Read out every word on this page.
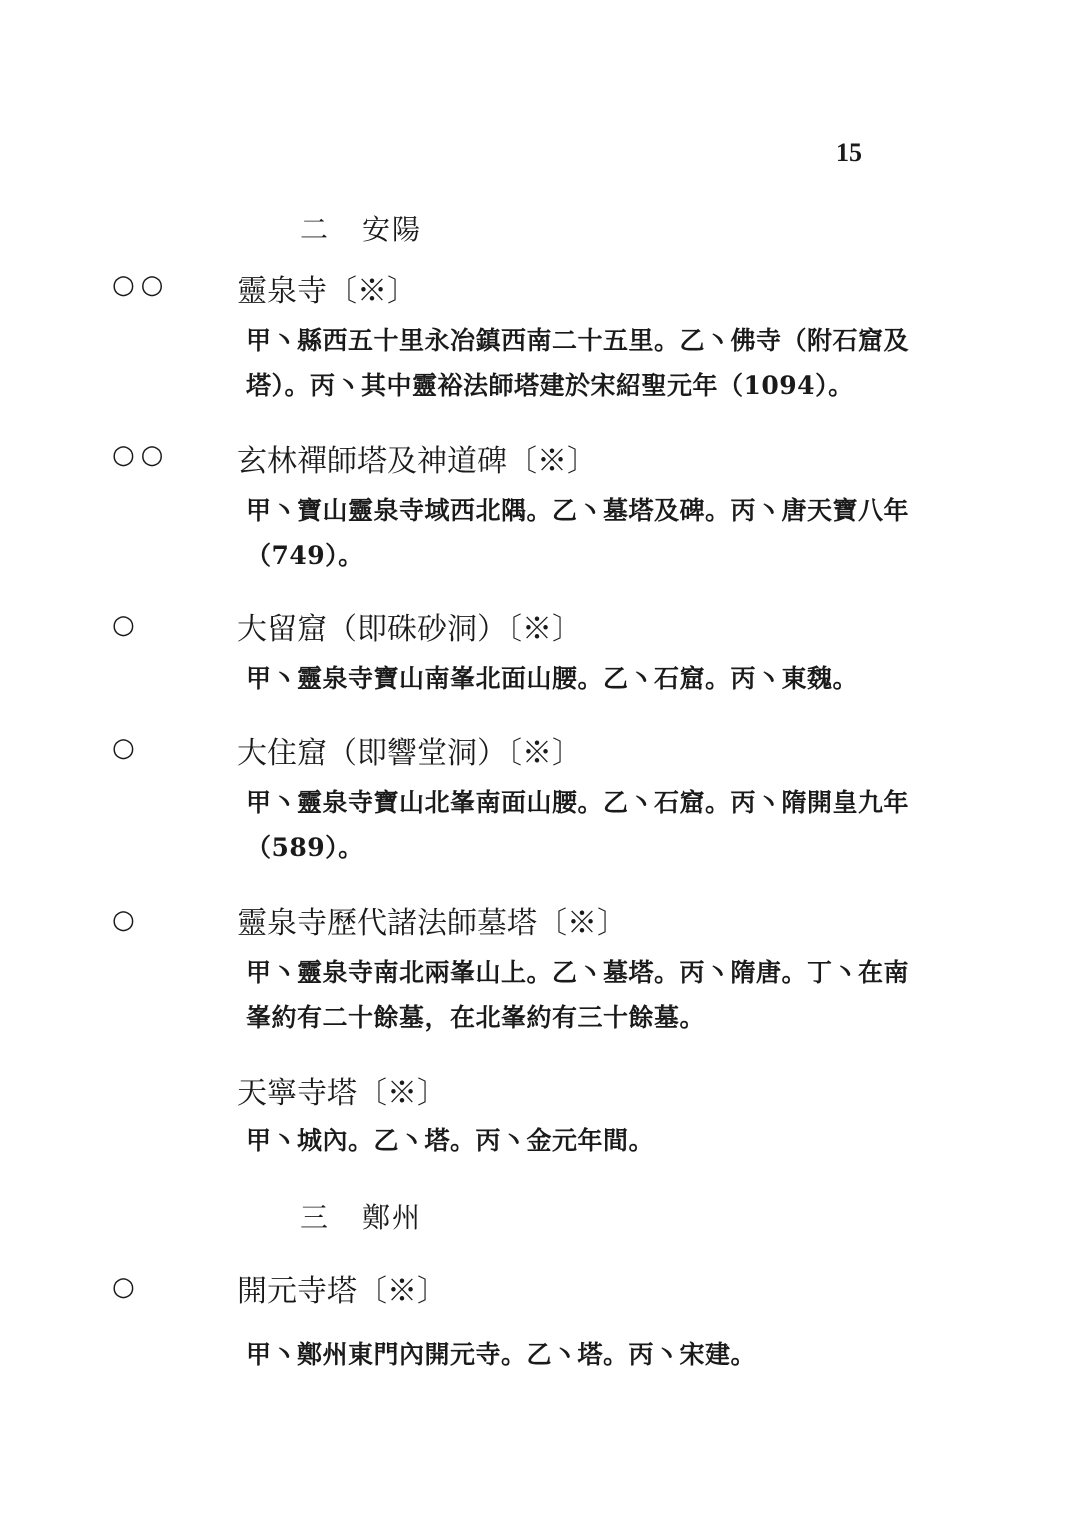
15
二 安陽
○○ 靈泉寺〔※〕
甲丶縣西五十里永冶鎮西南二十五里。乙丶佛寺（附石窟及塔）。丙丶其中靈裕法師塔建於宋紹聖元年（1094）。
○○ 玄林禪師塔及神道碑〔※〕
甲丶寶山靈泉寺域西北隅。乙丶墓塔及碑。丙丶唐天寶八年（749）。
○	大留窟（即硃砂洞）〔※〕
甲丶靈泉寺寶山南峯北面山腰。乙丶石窟。丙丶東魏。
○	大住窟（即響堂洞）〔※〕
甲丶靈泉寺寶山北峯南面山腰。乙丶石窟。丙丶隋開皇九年（589）。
○	靈泉寺歷代諸法師墓塔〔※〕
甲丶靈泉寺南北兩峯山上。乙丶墓塔。丙丶隋唐。丁丶在南峯約有二十餘墓，在北峯約有三十餘墓。
天寧寺塔〔※〕
甲丶城內。乙丶塔。丙丶金元年間。
三 鄭州
○	開元寺塔〔※〕
甲丶鄭州東門內開元寺。乙丶塔。丙丶宋建。
